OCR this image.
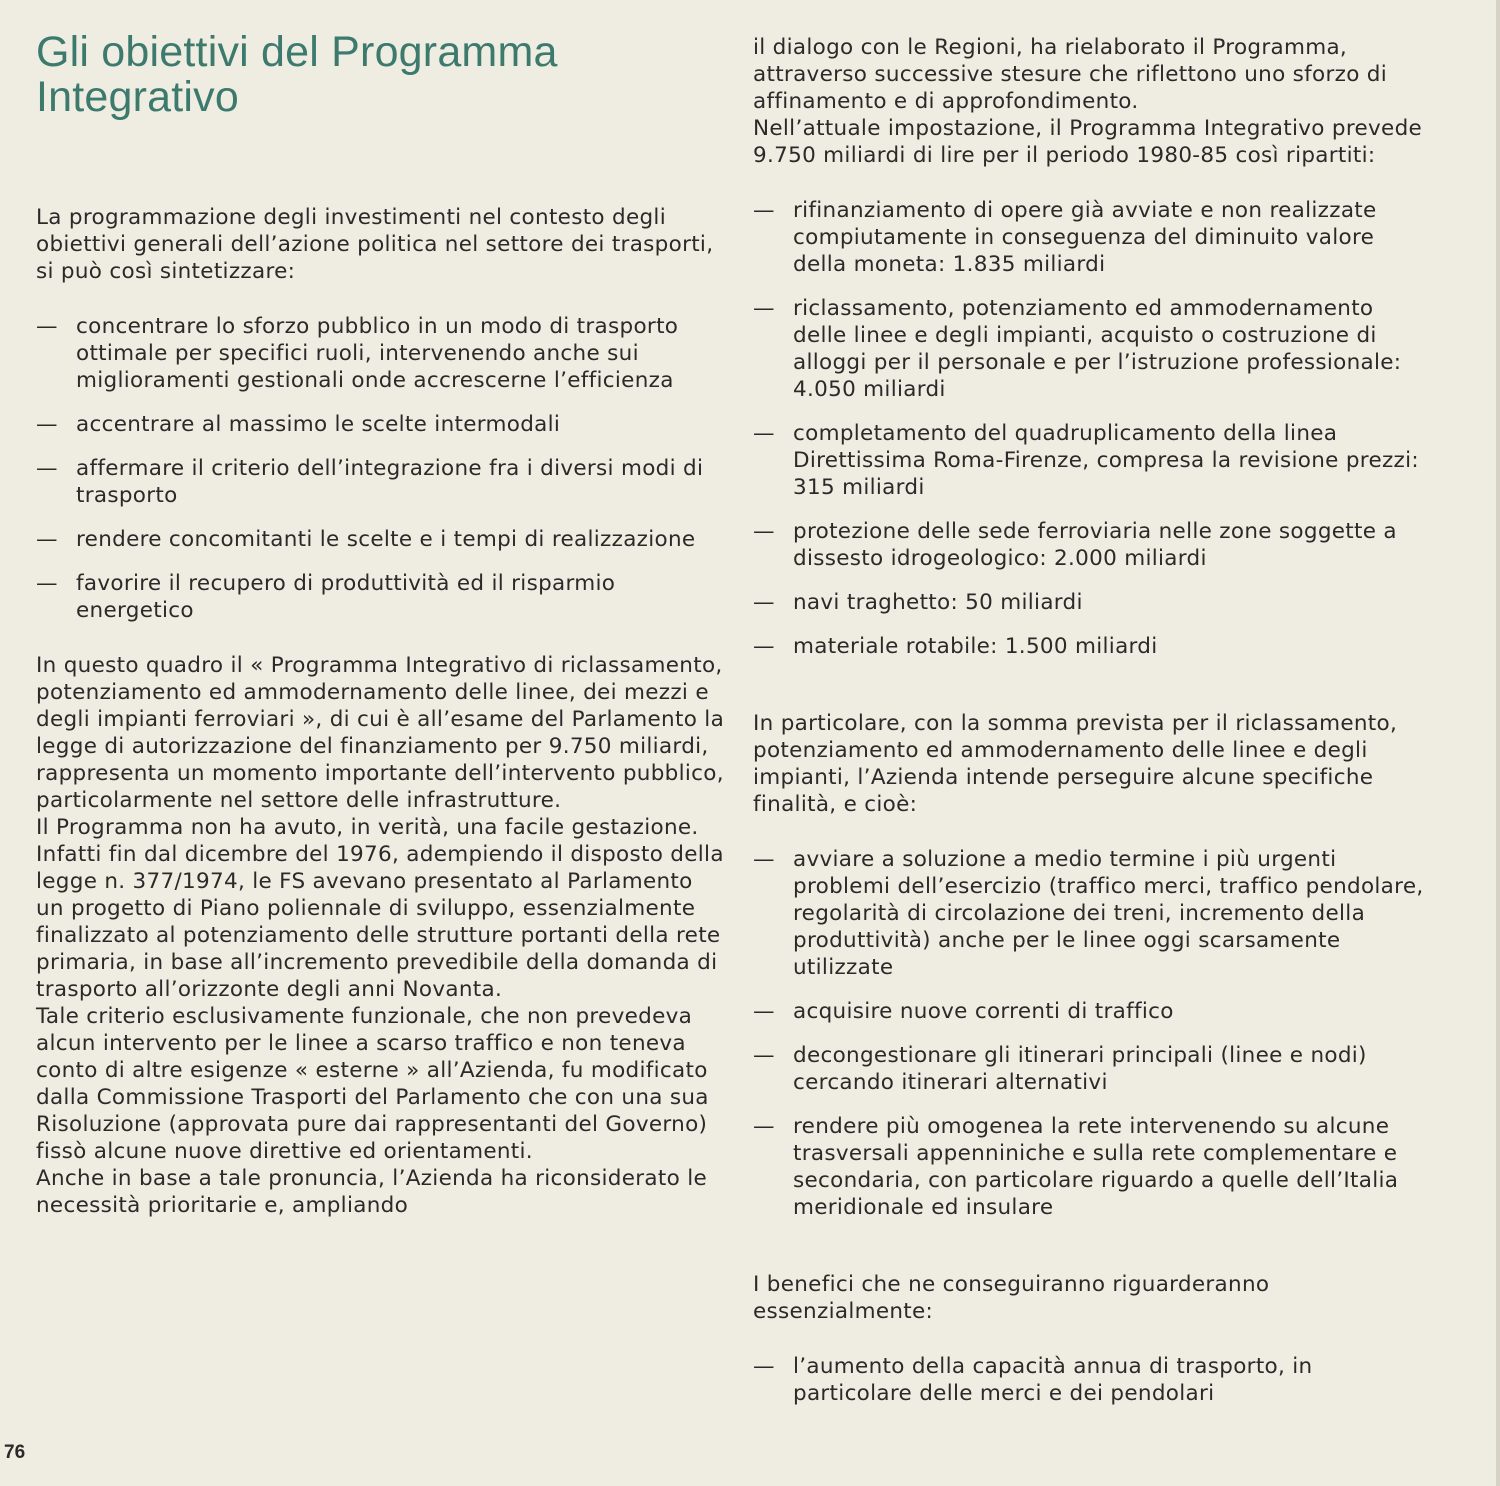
Gli obiettivi del Programma Integrativo

La programmazione degli investimenti nel contesto degli obiettivi generali dell’azione politica nel settore dei trasporti, si può così sintetizzare:

— concentrare lo sforzo pubblico in un modo di trasporto ottimale per specifici ruoli, intervenendo anche sui miglioramenti gestionali onde accrescerne l’efficienza
— accentrare al massimo le scelte intermodali
— affermare il criterio dell’integrazione fra i diversi modi di trasporto
— rendere concomitanti le scelte e i tempi di realizzazione
— favorire il recupero di produttività ed il risparmio energetico

In questo quadro il « Programma Integrativo di riclassamento, potenziamento ed ammodernamento delle linee, dei mezzi e degli impianti ferroviari », di cui è all’esame del Parlamento la legge di autorizzazione del finanziamento per 9.750 miliardi, rappresenta un momento importante dell’intervento pubblico, particolarmente nel settore delle infrastrutture.

Il Programma non ha avuto, in verità, una facile gestazione. Infatti fin dal dicembre del 1976, adempiendo il disposto della legge n. 377/1974, le FS avevano presentato al Parlamento un progetto di Piano poliennale di sviluppo, essenzialmente finalizzato al potenziamento delle strutture portanti della rete primaria, in base all’incremento prevedibile della domanda di trasporto all’orizzonte degli anni Novanta.

Tale criterio esclusivamente funzionale, che non prevedeva alcun intervento per le linee a scarso traffico e non teneva conto di altre esigenze « esterne » all’Azienda, fu modificato dalla Commissione Trasporti del Parlamento che con una sua Risoluzione (approvata pure dai rappresentanti del Governo) fissò alcune nuove direttive ed orientamenti.

Anche in base a tale pronuncia, l’Azienda ha riconsiderato le necessità prioritarie e, ampliando

il dialogo con le Regioni, ha rielaborato il Programma, attraverso successive stesure che riflettono uno sforzo di affinamento e di approfondimento.

Nell’attuale impostazione, il Programma Integrativo prevede 9.750 miliardi di lire per il periodo 1980-85 così ripartiti:

— rifinanziamento di opere già avviate e non realizzate compiutamente in conseguenza del diminuito valore della moneta: 1.835 miliardi
— riclassamento, potenziamento ed ammodernamento delle linee e degli impianti, acquisto o costruzione di alloggi per il personale e per l’istruzione professionale: 4.050 miliardi
— completamento del quadruplicamento della linea Direttissima Roma-Firenze, compresa la revisione prezzi: 315 miliardi
— protezione delle sede ferroviaria nelle zone soggette a dissesto idrogeologico: 2.000 miliardi
— navi traghetto: 50 miliardi
— materiale rotabile: 1.500 miliardi

In particolare, con la somma prevista per il riclassamento, potenziamento ed ammodernamento delle linee e degli impianti, l’Azienda intende perseguire alcune specifiche finalità, e cioè:

— avviare a soluzione a medio termine i più urgenti problemi dell’esercizio (traffico merci, traffico pendolare, regolarità di circolazione dei treni, incremento della produttività) anche per le linee oggi scarsamente utilizzate
— acquisire nuove correnti di traffico
— decongestionare gli itinerari principali (linee e nodi) cercando itinerari alternativi
— rendere più omogenea la rete intervenendo su alcune trasversali appenniniche e sulla rete complementare e secondaria, con particolare riguardo a quelle dell’Italia meridionale ed insulare

I benefici che ne conseguiranno riguarderanno essenzialmente:

— l’aumento della capacità annua di trasporto, in particolare delle merci e dei pendolari
76
